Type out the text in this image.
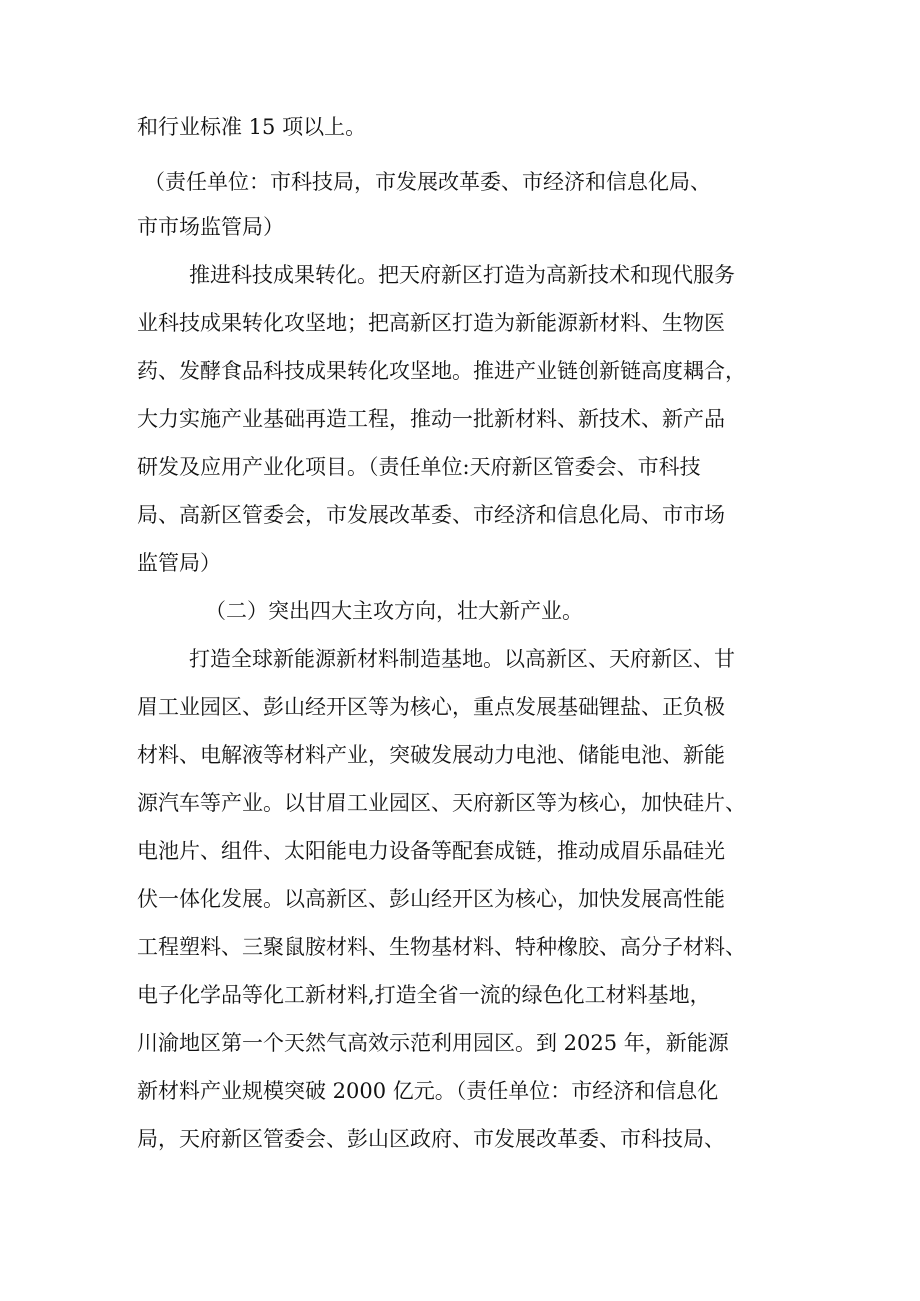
和行业标准 15 项以上。
（责任单位：市科技局，市发展改革委、市经济和信息化局、
市市场监管局）
推进科技成果转化。把天府新区打造为高新技术和现代服务
业科技成果转化攻坚地；把高新区打造为新能源新材料、生物医
药、发酵食品科技成果转化攻坚地。推进产业链创新链高度耦合，
大力实施产业基础再造工程，推动一批新材料、新技术、新产品
研发及应用产业化项目。（责任单位:天府新区管委会、市科技
局、高新区管委会，市发展改革委、市经济和信息化局、市市场
监管局）
（二）突出四大主攻方向，壮大新产业。
打造全球新能源新材料制造基地。以高新区、天府新区、甘
眉工业园区、彭山经开区等为核心，重点发展基础锂盐、正负极
材料、电解液等材料产业，突破发展动力电池、储能电池、新能
源汽车等产业。以甘眉工业园区、天府新区等为核心，加快硅片、
电池片、组件、太阳能电力设备等配套成链，推动成眉乐晶硅光
伏一体化发展。以高新区、彭山经开区为核心，加快发展高性能
工程塑料、三聚鼠胺材料、生物基材料、特种橡胶、高分子材料、
电子化学品等化工新材料,打造全省一流的绿色化工材料基地，
川渝地区第一个天然气高效示范利用园区。到 2025 年，新能源
新材料产业规模突破 2000 亿元。（责任单位：市经济和信息化
局，天府新区管委会、彭山区政府、市发展改革委、市科技局、
